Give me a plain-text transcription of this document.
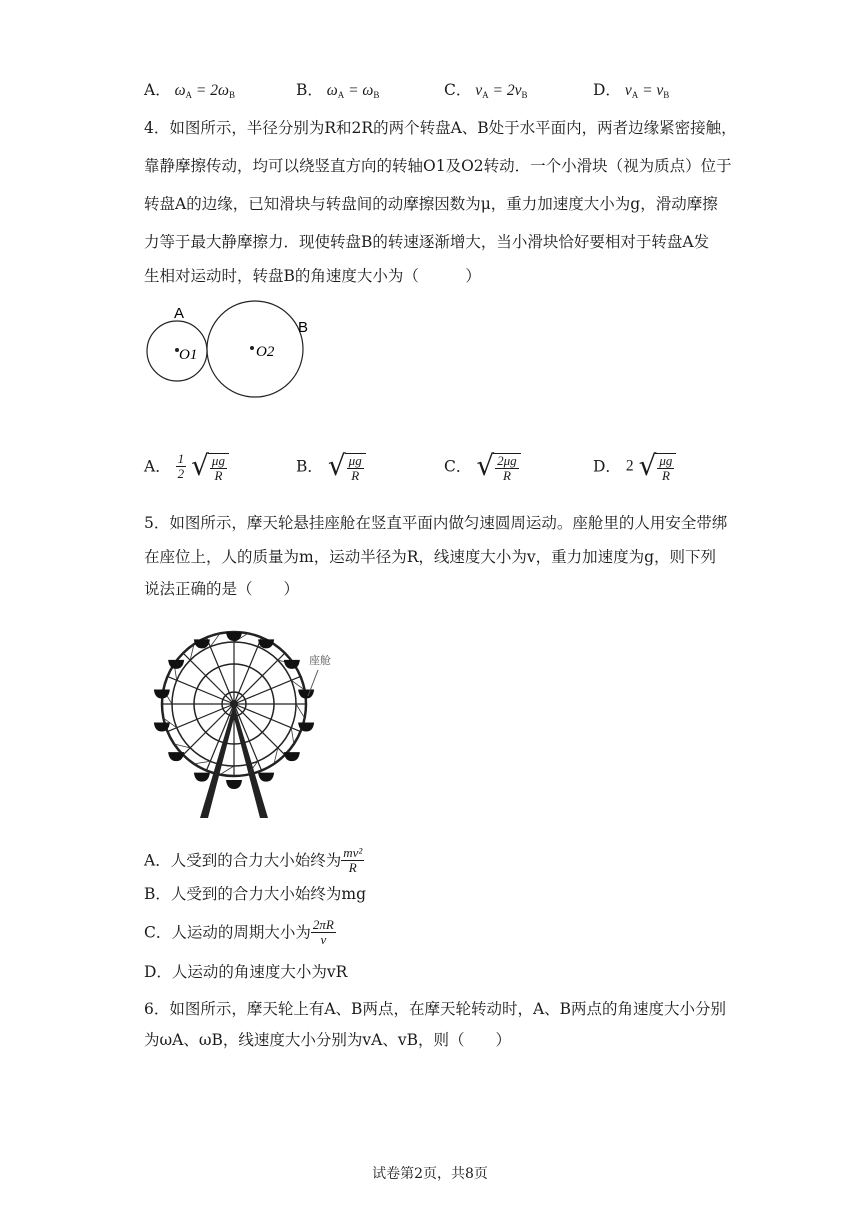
A． $\omega_A = 2\omega_B$	B． $\omega_A = \omega_B$	C． $v_A = 2v_B$	D． $v_A = v_B$
4．如图所示，半径分别为R和2R的两个转盘A、B处于水平面内，两者边缘紧密接触，
靠静摩擦传动，均可以绕竖直方向的转轴O1及O2转动．一个小滑块（视为质点）位于
转盘A的边缘，已知滑块与转盘间的动摩擦因数为μ，重力加速度大小为g，滑动摩擦
力等于最大静摩擦力．现使转盘B的转速逐渐增大，当小滑块恰好要相对于转盘A发
生相对运动时，转盘B的角速度大小为（　　　）
A
B
O1	O2
A． $\frac{1}{2}$
√ $\frac{\mu g}{R}$	B． √ $\frac{\mu g}{R}$	C． √ $\frac{2\mu g}{R}$	D． 2 √ $\frac{\mu g}{R}$
5．如图所示，摩天轮悬挂座舱在竖直平面内做匀速圆周运动。座舱里的人用安全带绑
在座位上，人的质量为m，运动半径为R，线速度大小为v，重力加速度为g，则下列
说法正确的是（　　）
座舱
A．人受到的合力大小始终为 $\frac{\text{mv²}}{R}$
B．人受到的合力大小始终为mg
C．人运动的周期大小为 $\frac{2\pi R}{v}$
D．人运动的角速度大小为vR
6．如图所示，摩天轮上有A、B两点，在摩天轮转动时，A、B两点的角速度大小分别
为ωA、ωB，线速度大小分别为vA、vB，则（　　）
试卷第2页，共8页
